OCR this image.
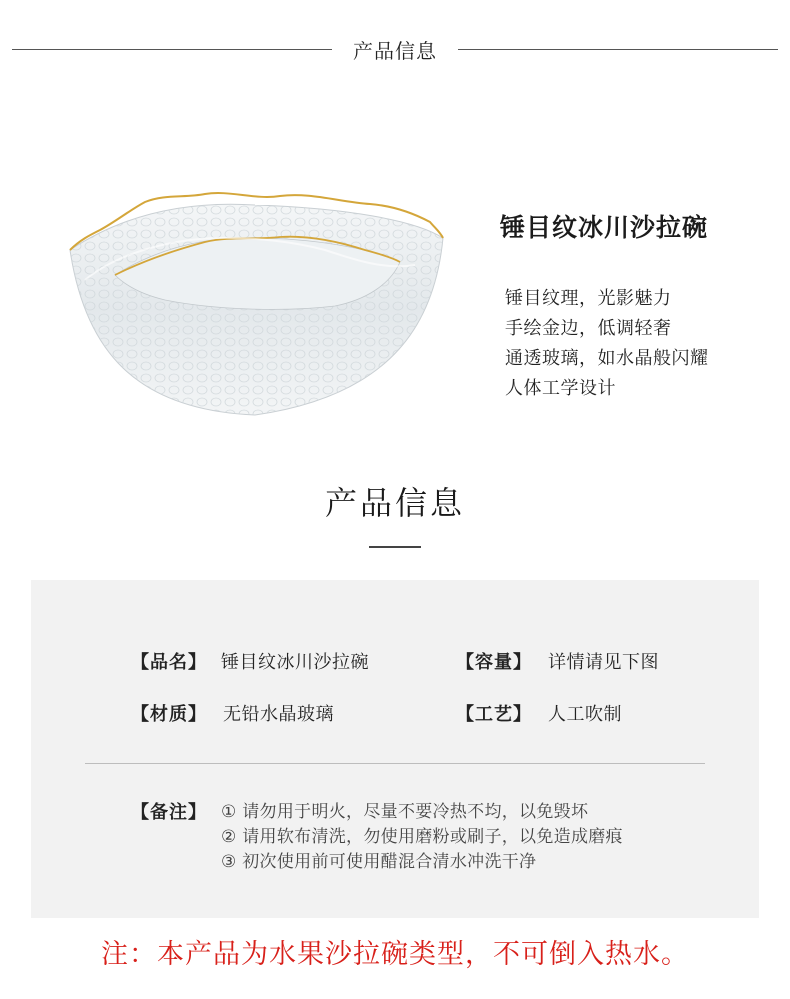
产品信息
锤目纹冰川沙拉碗
锤目纹理，光影魅力
手绘金边，低调轻奢
通透玻璃，如水晶般闪耀
人体工学设计
产品信息
【品名】 锤目纹冰川沙拉碗	【容量】 详情请见下图
【材质】 无铅水晶玻璃	【工艺】 人工吹制
【备注】 ① 请勿用于明火，尽量不要冷热不均，以免毁坏
② 请用软布清洗，勿使用磨粉或刷子，以免造成磨痕
③ 初次使用前可使用醋混合清水冲洗干净
注：本产品为水果沙拉碗类型，不可倒入热水。
